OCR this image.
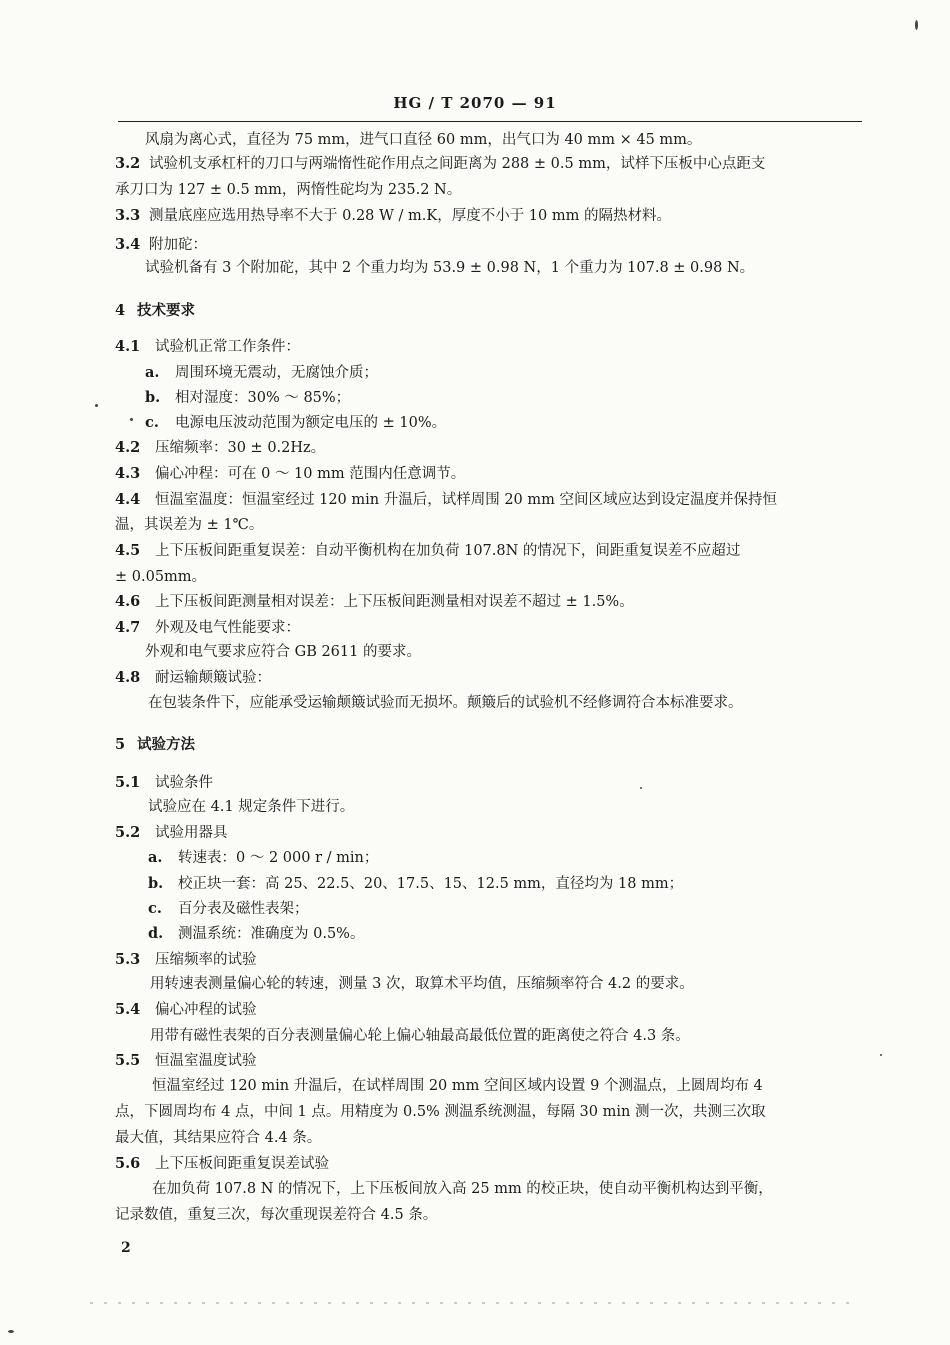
HG / T 2070 — 91
风扇为离心式，直径为 75 mm，进气口直径 60 mm，出气口为 40 mm × 45 mm。
3.2 试验机支承杠杆的刀口与两端惰性砣作用点之间距离为 288 ± 0.5 mm，试样下压板中心点距支
承刀口为 127 ± 0.5 mm，两惰性砣均为 235.2 N。
3.3 测量底座应选用热导率不大于 0.28 W / m.K，厚度不小于 10 mm 的隔热材料。
3.4 附加砣：
试验机备有 3 个附加砣，其中 2 个重力均为 53.9 ± 0.98 N，1 个重力为 107.8 ± 0.98 N。
4 技术要求
4.1 试验机正常工作条件：
a. 周围环境无震动，无腐蚀介质；
b. 相对湿度：30% ～ 85%；
c. 电源电压波动范围为额定电压的 ± 10%。
4.2 压缩频率：30 ± 0.2Hz。
4.3 偏心冲程：可在 0 ～ 10 mm 范围内任意调节。
4.4 恒温室温度：恒温室经过 120 min 升温后，试样周围 20 mm 空间区域应达到设定温度并保持恒
温，其误差为 ± 1℃。
4.5 上下压板间距重复误差：自动平衡机构在加负荷 107.8N 的情况下，间距重复误差不应超过
± 0.05mm。
4.6 上下压板间距测量相对误差：上下压板间距测量相对误差不超过 ± 1.5%。
4.7 外观及电气性能要求：
外观和电气要求应符合 GB 2611 的要求。
4.8 耐运输颠簸试验：
在包装条件下，应能承受运输颠簸试验而无损坏。颠簸后的试验机不经修调符合本标准要求。
5 试验方法
5.1 试验条件
试验应在 4.1 规定条件下进行。
5.2 试验用器具
a. 转速表：0 ～ 2 000 r / min；
b. 校正块一套：高 25、22.5、20、17.5、15、12.5 mm，直径均为 18 mm；
c. 百分表及磁性表架；
d. 测温系统：准确度为 0.5%。
5.3 压缩频率的试验
用转速表测量偏心轮的转速，测量 3 次，取算术平均值，压缩频率符合 4.2 的要求。
5.4 偏心冲程的试验
用带有磁性表架的百分表测量偏心轮上偏心轴最高最低位置的距离使之符合 4.3 条。
5.5 恒温室温度试验
恒温室经过 120 min 升温后，在试样周围 20 mm 空间区域内设置 9 个测温点，上圆周均布 4
点，下圆周均布 4 点，中间 1 点。用精度为 0.5% 测温系统测温，每隔 30 min 测一次，共测三次取
最大值，其结果应符合 4.4 条。
5.6 上下压板间距重复误差试验
在加负荷 107.8 N 的情况下，上下压板间放入高 25 mm 的校正块，使自动平衡机构达到平衡，
记录数值，重复三次，每次重现误差符合 4.5 条。
2
